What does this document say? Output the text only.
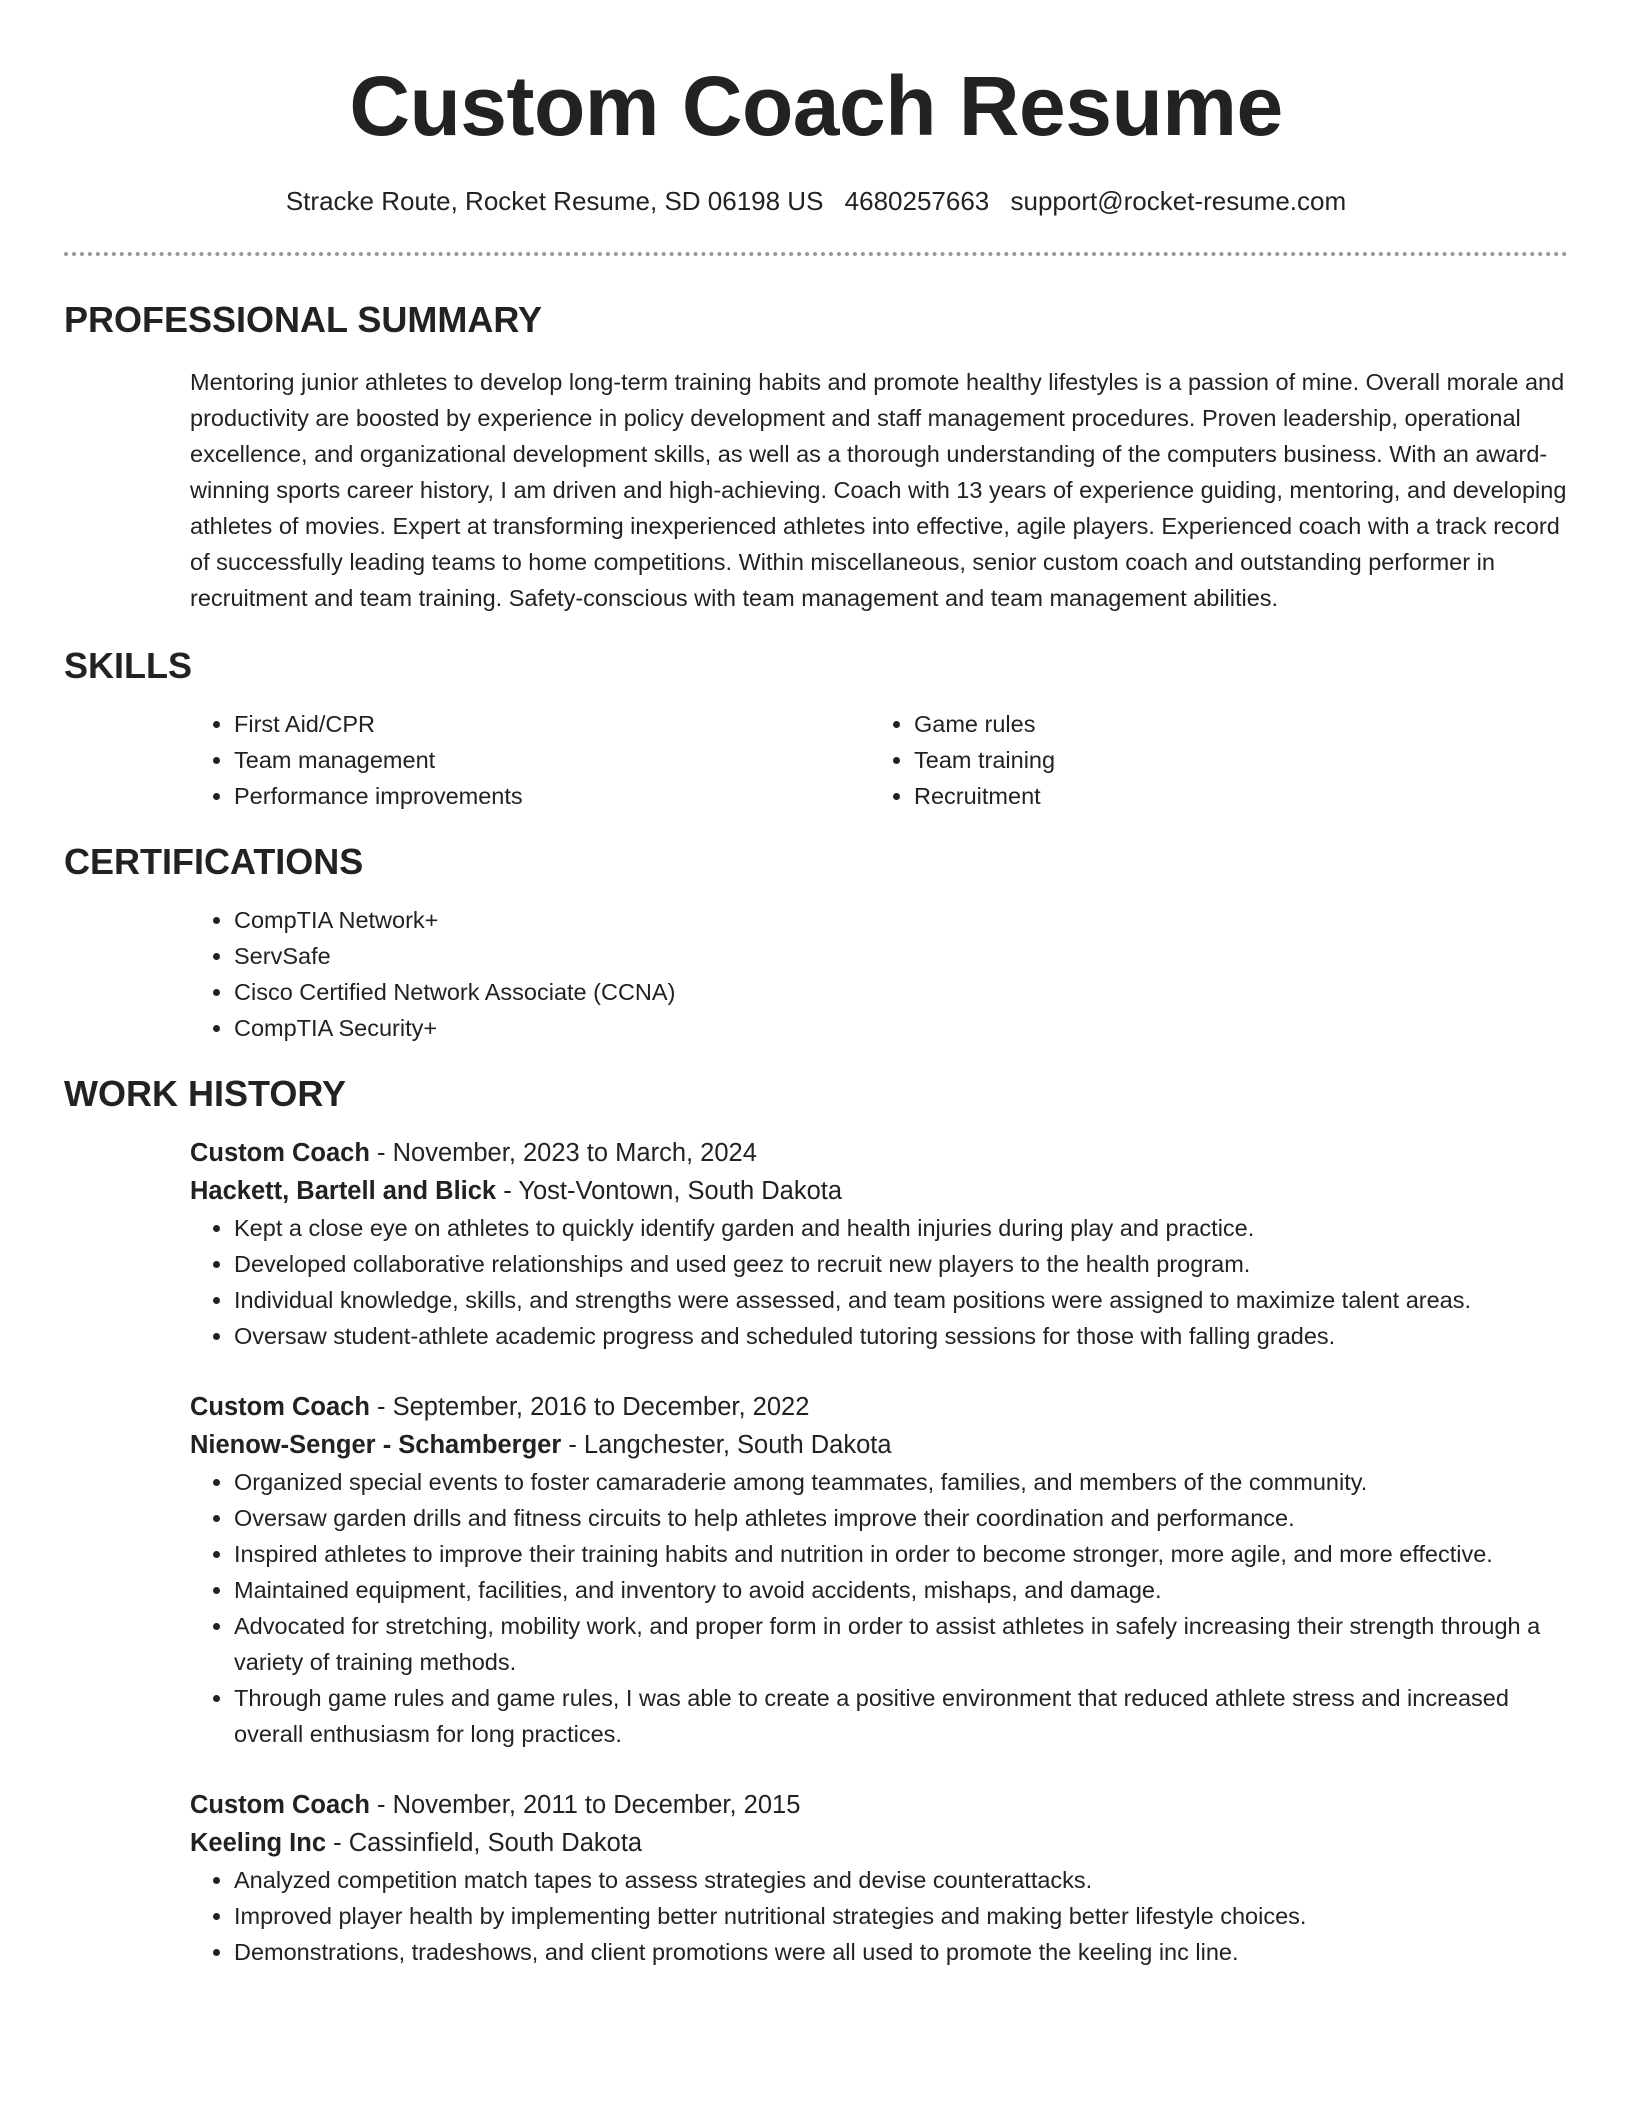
Custom Coach Resume
Stracke Route, Rocket Resume, SD 06198 US 4680257663 support@rocket-resume.com
PROFESSIONAL SUMMARY
Mentoring junior athletes to develop long-term training habits and promote healthy lifestyles is a passion of mine. Overall morale and productivity are boosted by experience in policy development and staff management procedures. Proven leadership, operational excellence, and organizational development skills, as well as a thorough understanding of the computers business. With an award-winning sports career history, I am driven and high-achieving. Coach with 13 years of experience guiding, mentoring, and developing athletes of movies. Expert at transforming inexperienced athletes into effective, agile players. Experienced coach with a track record of successfully leading teams to home competitions. Within miscellaneous, senior custom coach and outstanding performer in recruitment and team training. Safety-conscious with team management and team management abilities.
SKILLS
• First Aid/CPR
• Team management
• Performance improvements
• Game rules
• Team training
• Recruitment
CERTIFICATIONS
• CompTIA Network+
• ServSafe
• Cisco Certified Network Associate (CCNA)
• CompTIA Security+
WORK HISTORY
Custom Coach - November, 2023 to March, 2024
Hackett, Bartell and Blick - Yost-Vontown, South Dakota
• Kept a close eye on athletes to quickly identify garden and health injuries during play and practice.
• Developed collaborative relationships and used geez to recruit new players to the health program.
• Individual knowledge, skills, and strengths were assessed, and team positions were assigned to maximize talent areas.
• Oversaw student-athlete academic progress and scheduled tutoring sessions for those with falling grades.
Custom Coach - September, 2016 to December, 2022
Nienow-Senger - Schamberger - Langchester, South Dakota
• Organized special events to foster camaraderie among teammates, families, and members of the community.
• Oversaw garden drills and fitness circuits to help athletes improve their coordination and performance.
• Inspired athletes to improve their training habits and nutrition in order to become stronger, more agile, and more effective.
• Maintained equipment, facilities, and inventory to avoid accidents, mishaps, and damage.
• Advocated for stretching, mobility work, and proper form in order to assist athletes in safely increasing their strength through a variety of training methods.
• Through game rules and game rules, I was able to create a positive environment that reduced athlete stress and increased overall enthusiasm for long practices.
Custom Coach - November, 2011 to December, 2015
Keeling Inc - Cassinfield, South Dakota
• Analyzed competition match tapes to assess strategies and devise counterattacks.
• Improved player health by implementing better nutritional strategies and making better lifestyle choices.
• Demonstrations, tradeshows, and client promotions were all used to promote the keeling inc line.
